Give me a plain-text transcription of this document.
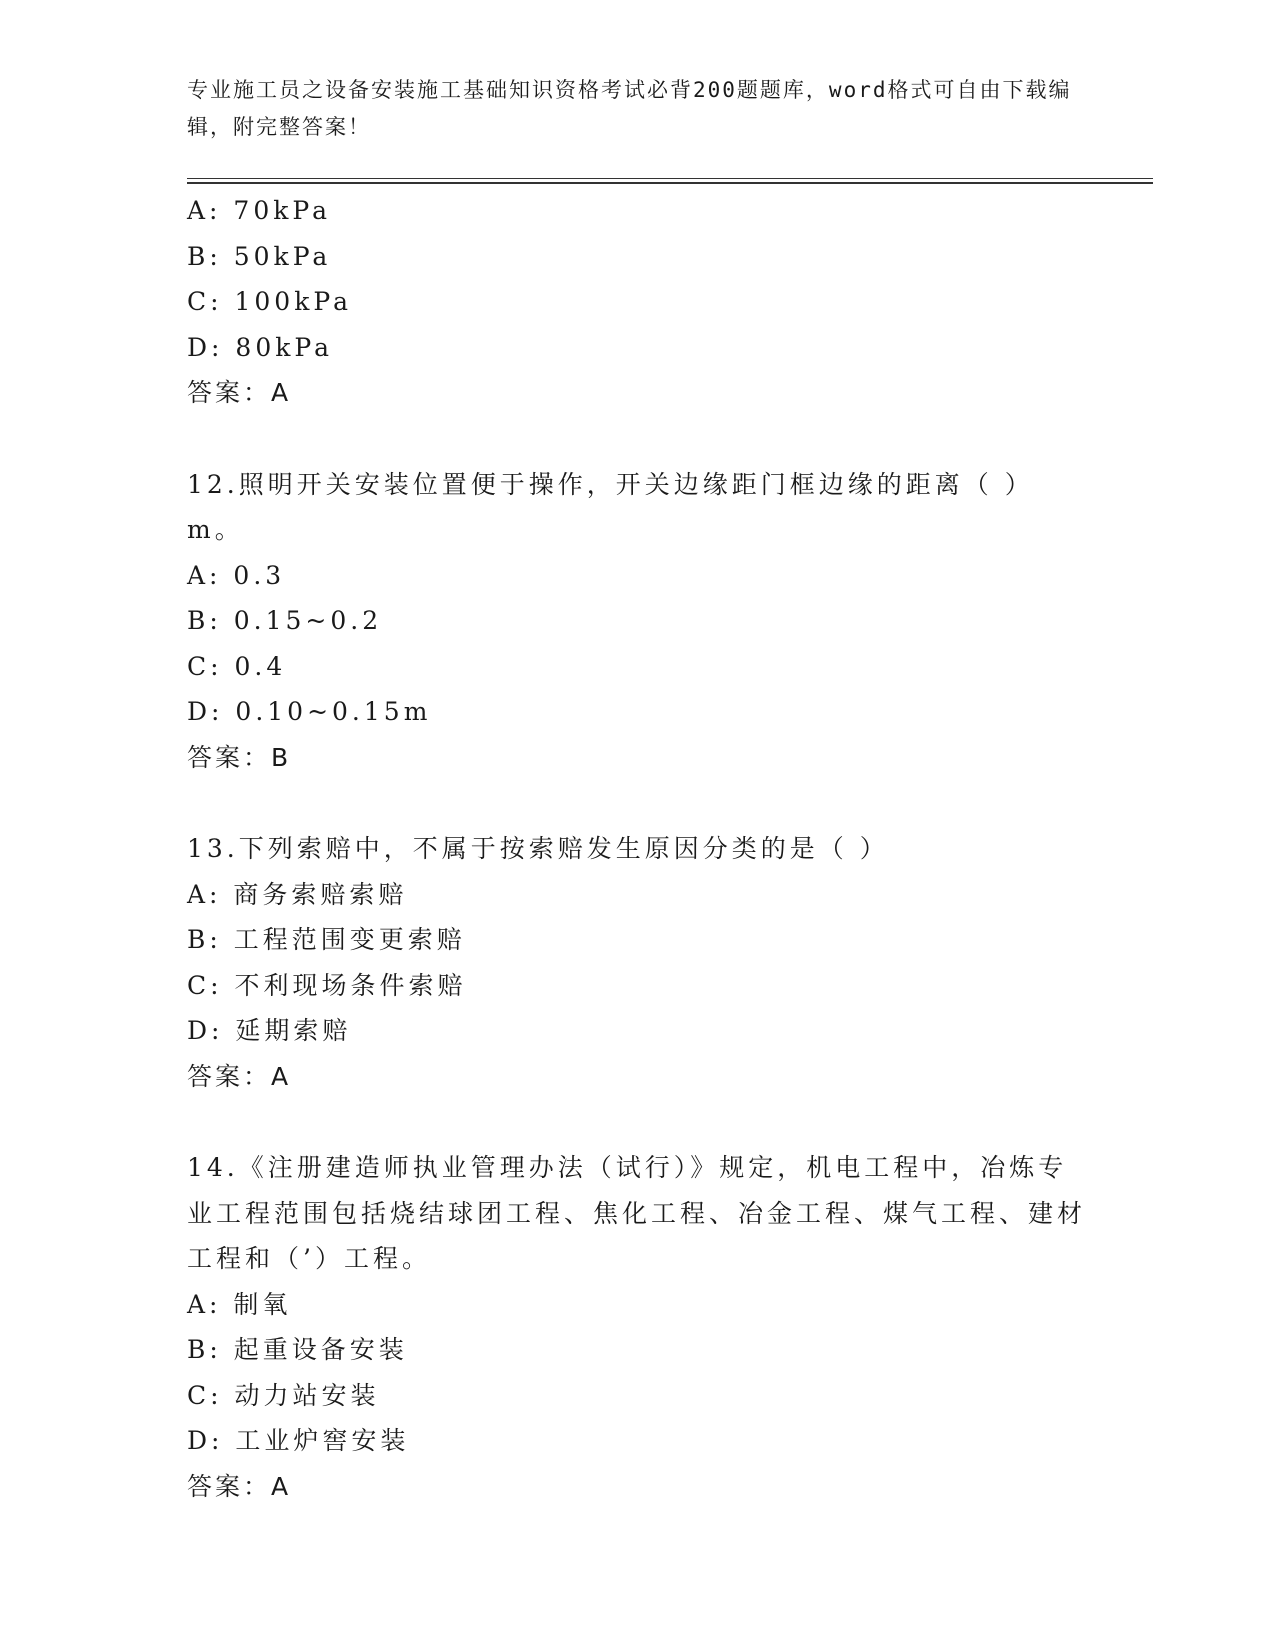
专业施工员之设备安装施工基础知识资格考试必背200题题库，word格式可自由下载编辑，附完整答案！
A: 70kPa
B: 50kPa
C: 100kPa
D: 80kPa
答案：A
12.照明开关安装位置便于操作，开关边缘距门框边缘的距离（ ）m。
A: 0.3
B: 0.15~0.2
C: 0.4
D: 0.10~0.15m
答案：B
13.下列索赔中，不属于按索赔发生原因分类的是（ ）
A: 商务索赔索赔
B: 工程范围变更索赔
C: 不利现场条件索赔
D: 延期索赔
答案：A
14.《注册建造师执业管理办法（试行）》规定，机电工程中，冶炼专业工程范围包括烧结球团工程、焦化工程、冶金工程、煤气工程、建材工程和（’）工程。
A: 制氧
B: 起重设备安装
C: 动力站安装
D: 工业炉窖安装
答案：A
